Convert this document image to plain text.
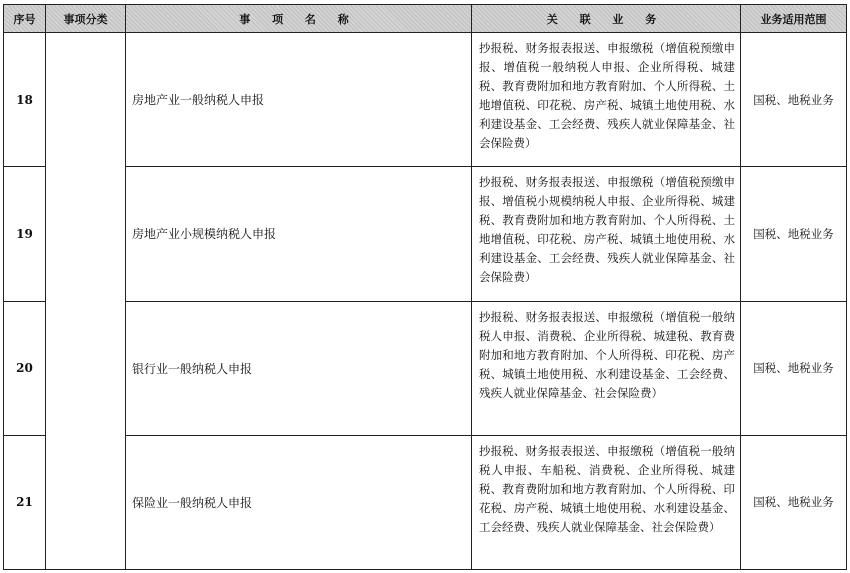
序号	事项分类	事 项 名 称	关 联 业 务	业务适用范围
18		房地产业一般纳税人申报	抄报税、财务报表报送、申报缴税（增值税预缴申报、增值税一般纳税人申报、企业所得税、城建税、教育费附加和地方教育附加、个人所得税、土地增值税、印花税、房产税、城镇土地使用税、水利建设基金、工会经费、残疾人就业保障基金、社会保险费）	国税、地税业务
19		房地产业小规模纳税人申报	抄报税、财务报表报送、申报缴税（增值税预缴申报、增值税小规模纳税人申报、企业所得税、城建税、教育费附加和地方教育附加、个人所得税、土地增值税、印花税、房产税、城镇土地使用税、水利建设基金、工会经费、残疾人就业保障基金、社会保险费）	国税、地税业务
20		银行业一般纳税人申报	抄报税、财务报表报送、申报缴税（增值税一般纳税人申报、消费税、企业所得税、城建税、教育费附加和地方教育附加、个人所得税、印花税、房产税、城镇土地使用税、水利建设基金、工会经费、残疾人就业保障基金、社会保险费）	国税、地税业务
21		保险业一般纳税人申报	抄报税、财务报表报送、申报缴税（增值税一般纳税人申报、车船税、消费税、企业所得税、城建税、教育费附加和地方教育附加、个人所得税、印花税、房产税、城镇土地使用税、水利建设基金、工会经费、残疾人就业保障基金、社会保险费）	国税、地税业务
